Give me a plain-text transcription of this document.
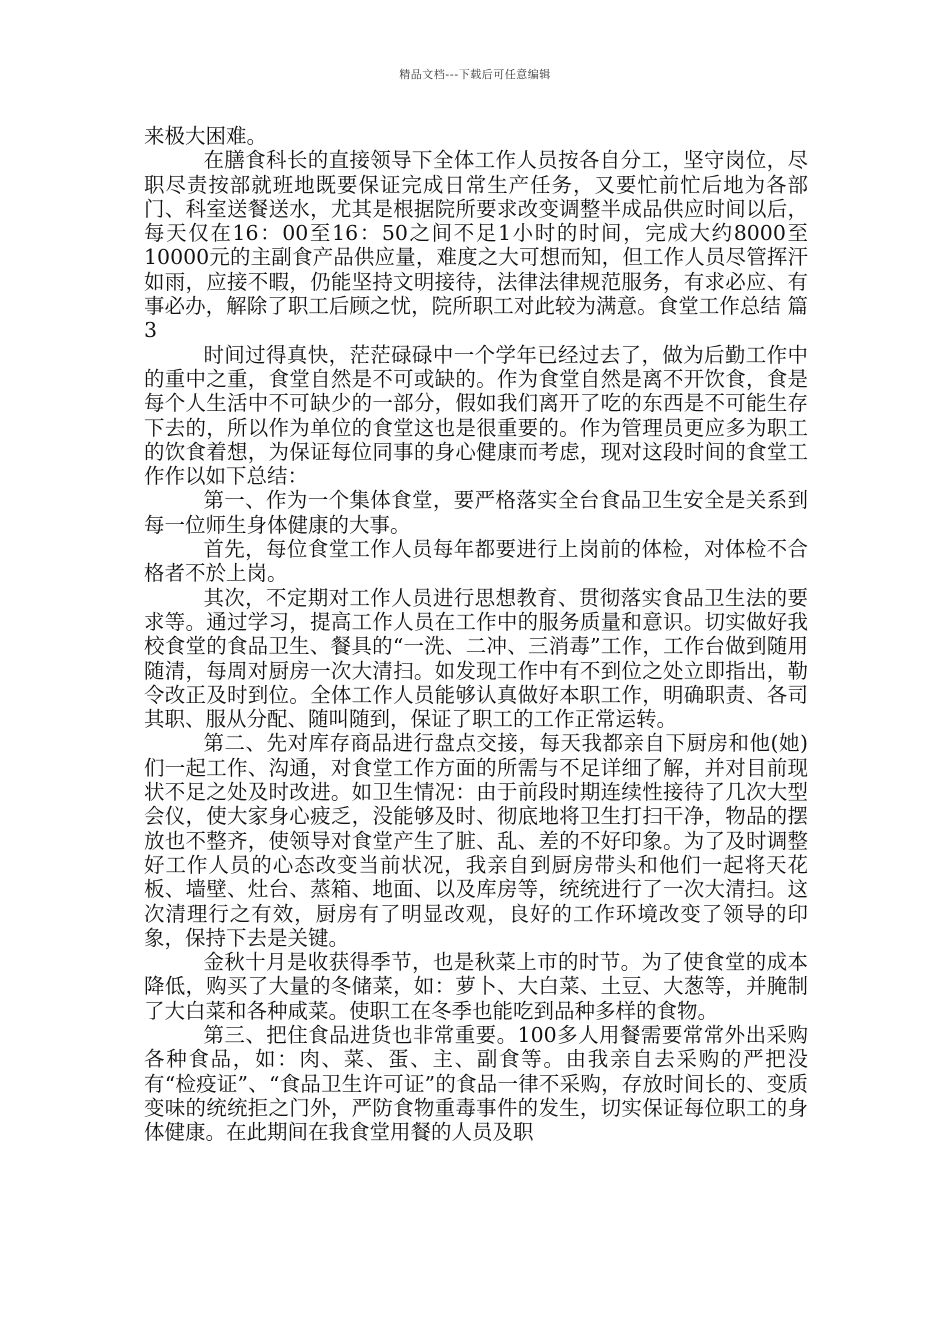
精品文档---下载后可任意编辑

来极大困难。

在膳食科长的直接领导下全体工作人员按各自分工，坚守岗位，尽职尽责按部就班地既要保证完成日常生产任务，又要忙前忙后地为各部门、科室送餐送水，尤其是根据院所要求改变调整半成品供应时间以后，每天仅在16：00至16：50之间不足1小时的时间，完成大约8000至10000元的主副食产品供应量，难度之大可想而知，但工作人员尽管挥汗如雨，应接不暇，仍能坚持文明接待，法律法律规范服务，有求必应、有事必办，解除了职工后顾之忧，院所职工对此较为满意。食堂工作总结 篇3

时间过得真快，茫茫碌碌中一个学年已经过去了，做为后勤工作中的重中之重，食堂自然是不可或缺的。作为食堂自然是离不开饮食，食是每个人生活中不可缺少的一部分，假如我们离开了吃的东西是不可能生存下去的，所以作为单位的食堂这也是很重要的。作为管理员更应多为职工的饮食着想，为保证每位同事的身心健康而考虑，现对这段时间的食堂工作作以如下总结：

第一、作为一个集体食堂，要严格落实全台食品卫生安全是关系到每一位师生身体健康的大事。

首先，每位食堂工作人员每年都要进行上岗前的体检，对体检不合格者不於上岗。

其次，不定期对工作人员进行思想教育、贯彻落实食品卫生法的要求等。通过学习，提高工作人员在工作中的服务质量和意识。切实做好我校食堂的食品卫生、餐具的“一洗、二冲、三消毒”工作，工作台做到随用随清，每周对厨房一次大清扫。如发现工作中有不到位之处立即指出，勒令改正及时到位。全体工作人员能够认真做好本职工作，明确职责、各司其职、服从分配、随叫随到，保证了职工的工作正常运转。

第二、先对库存商品进行盘点交接，每天我都亲自下厨房和他(她)们一起工作、沟通，对食堂工作方面的所需与不足详细了解，并对目前现状不足之处及时改进。如卫生情况：由于前段时期连续性接待了几次大型会仪，使大家身心疲乏，没能够及时、彻底地将卫生打扫干净，物品的摆放也不整齐，使领导对食堂产生了脏、乱、差的不好印象。为了及时调整好工作人员的心态改变当前状况，我亲自到厨房带头和他们一起将天花板、墙壁、灶台、蒸箱、地面、以及库房等，统统进行了一次大清扫。这次清理行之有效，厨房有了明显改观，良好的工作环境改变了领导的印象，保持下去是关键。

金秋十月是收获得季节，也是秋菜上市的时节。为了使食堂的成本降低，购买了大量的冬储菜，如：萝卜、大白菜、土豆、大葱等，并腌制了大白菜和各种咸菜。使职工在冬季也能吃到品种多样的食物。

第三、把住食品进货也非常重要。100多人用餐需要常常外出采购各种食品，如：肉、菜、蛋、主、副食等。由我亲自去采购的严把没有“检疫证”、“食品卫生许可证”的食品一律不采购，存放时间长的、变质变味的统统拒之门外，严防食物重毒事件的发生，切实保证每位职工的身体健康。在此期间在我食堂用餐的人员及职
